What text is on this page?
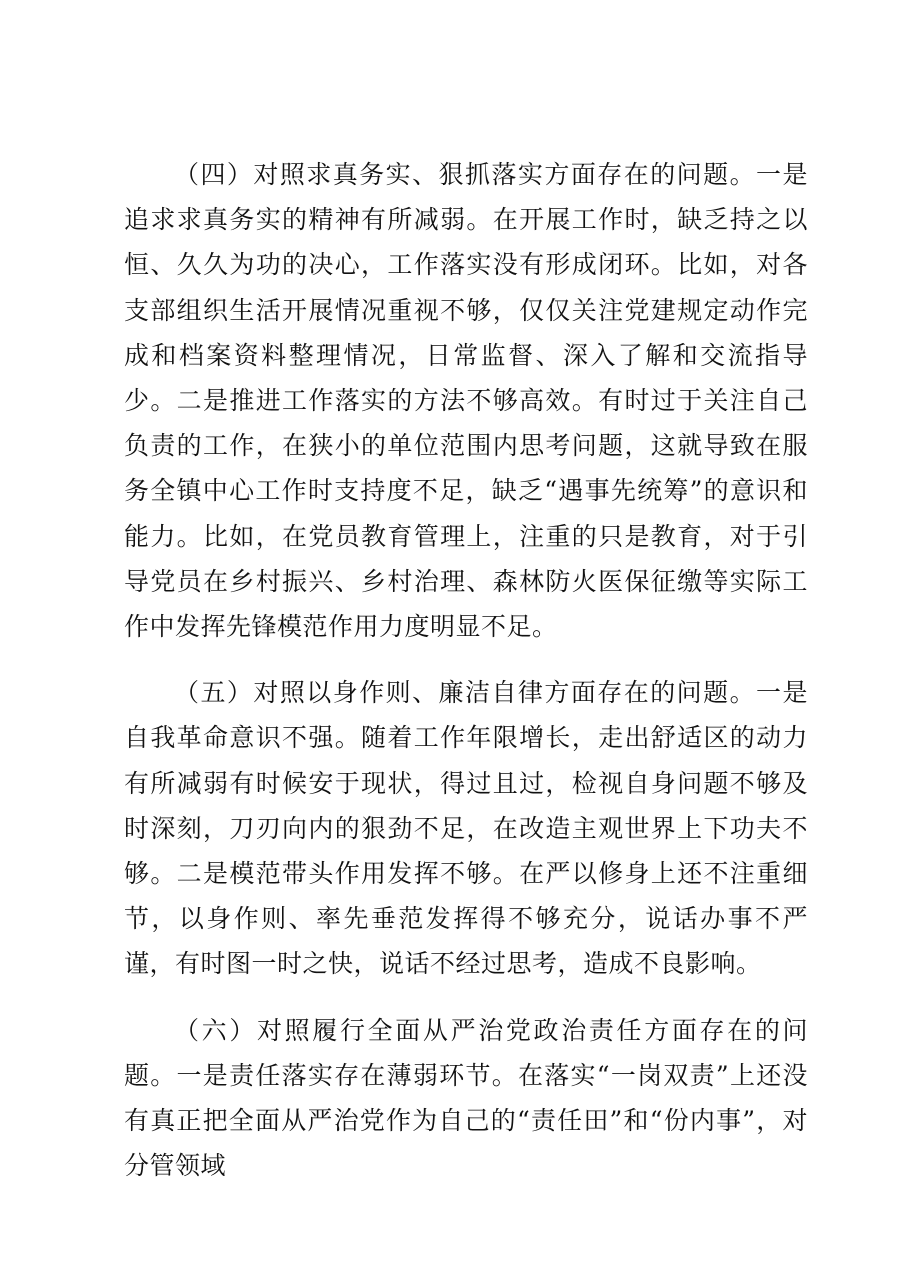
（四）对照求真务实、狠抓落实方面存在的问题。一是追求求真务实的精神有所减弱。在开展工作时，缺乏持之以恒、久久为功的决心，工作落实没有形成闭环。比如，对各支部组织生活开展情况重视不够，仅仅关注党建规定动作完成和档案资料整理情况，日常监督、深入了解和交流指导少。二是推进工作落实的方法不够高效。有时过于关注自己负责的工作，在狭小的单位范围内思考问题，这就导致在服务全镇中心工作时支持度不足，缺乏“遇事先统筹”的意识和能力。比如，在党员教育管理上，注重的只是教育，对于引导党员在乡村振兴、乡村治理、森林防火医保征缴等实际工作中发挥先锋模范作用力度明显不足。

（五）对照以身作则、廉洁自律方面存在的问题。一是自我革命意识不强。随着工作年限增长，走出舒适区的动力有所减弱有时候安于现状，得过且过，检视自身问题不够及时深刻，刀刃向内的狠劲不足，在改造主观世界上下功夫不够。二是模范带头作用发挥不够。在严以修身上还不注重细节，以身作则、率先垂范发挥得不够充分，说话办事不严谨，有时图一时之快，说话不经过思考，造成不良影响。

（六）对照履行全面从严治党政治责任方面存在的问题。一是责任落实存在薄弱环节。在落实“一岗双责”上还没有真正把全面从严治党作为自己的“责任田”和“份内事”，对分管领域
